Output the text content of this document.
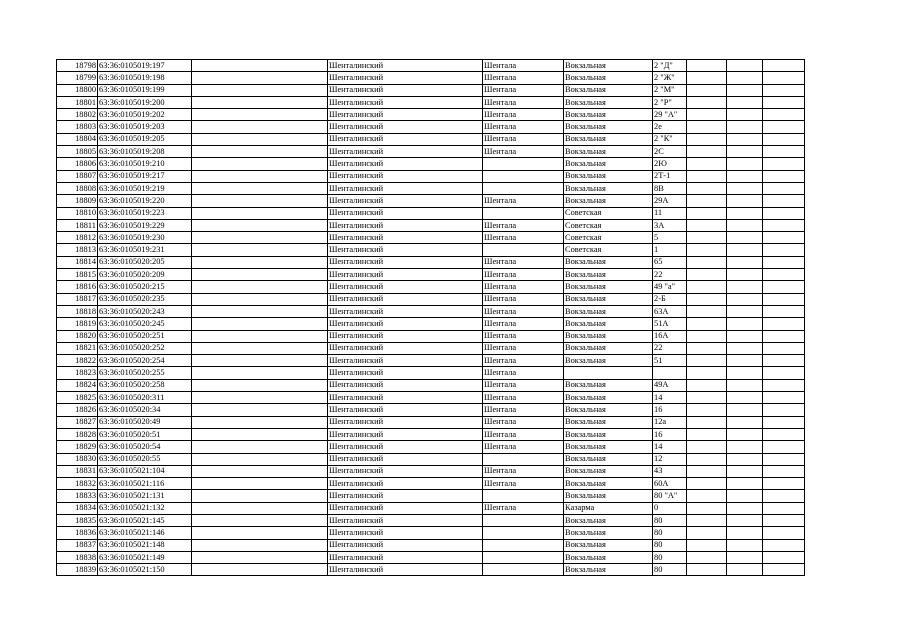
18798	63:36:0105019:197		Шенталинский	Шентала	Вокзальная	2 "Д"			
18799	63:36:0105019:198		Шенталинский	Шентала	Вокзальная	2 "Ж"			
18800	63:36:0105019:199		Шенталинский	Шентала	Вокзальная	2 "М"			
18801	63:36:0105019:200		Шенталинский	Шентала	Вокзальная	2 "Р"			
18802	63:36:0105019:202		Шенталинский	Шентала	Вокзальная	29 "А"			
18803	63:36:0105019:203		Шенталинский	Шентала	Вокзальная	2е			
18804	63:36:0105019:205		Шенталинский	Шентала	Вокзальная	2 "К"			
18805	63:36:0105019:208		Шенталинский	Шентала	Вокзальная	2С			
18806	63:36:0105019:210		Шенталинский		Вокзальная	2Ю			
18807	63:36:0105019:217		Шенталинский		Вокзальная	2Т-1			
18808	63:36:0105019:219		Шенталинский		Вокзальная	8В			
18809	63:36:0105019:220		Шенталинский	Шентала	Вокзальная	29А			
18810	63:36:0105019:223		Шенталинский		Советская	11			
18811	63:36:0105019:229		Шенталинский	Шентала	Советская	3А			
18812	63:36:0105019:230		Шенталинский	Шентала	Советская	5			
18813	63:36:0105019:231		Шенталинский		Советская	1			
18814	63:36:0105020:205		Шенталинский	Шентала	Вокзальная	65			
18815	63:36:0105020:209		Шенталинский	Шентала	Вокзальная	22			
18816	63:36:0105020:215		Шенталинский	Шентала	Вокзальная	49 "а"			
18817	63:36:0105020:235		Шенталинский	Шентала	Вокзальная	2-Б			
18818	63:36:0105020:243		Шенталинский	Шентала	Вокзальная	63А			
18819	63:36:0105020:245		Шенталинский	Шентала	Вокзальная	51А			
18820	63:36:0105020:251		Шенталинский	Шентала	Вокзальная	16А			
18821	63:36:0105020:252		Шенталинский	Шентала	Вокзальная	22			
18822	63:36:0105020:254		Шенталинский	Шентала	Вокзальная	51			
18823	63:36:0105020:255		Шенталинский	Шентала					
18824	63:36:0105020:258		Шенталинский	Шентала	Вокзальная	49А			
18825	63:36:0105020:311		Шенталинский	Шентала	Вокзальная	14			
18826	63:36:0105020:34		Шенталинский	Шентала	Вокзальная	16			
18827	63:36:0105020:49		Шенталинский	Шентала	Вокзальная	12а			
18828	63:36:0105020:51		Шенталинский	Шентала	Вокзальная	16			
18829	63:36:0105020:54		Шенталинский	Шентала	Вокзальная	14			
18830	63:36:0105020:55		Шенталинский		Вокзальная	12			
18831	63:36:0105021:104		Шенталинский	Шентала	Вокзальная	43			
18832	63:36:0105021:116		Шенталинский	Шентала	Вокзальная	60А			
18833	63:36:0105021:131		Шенталинский		Вокзальная	80 "А"			
18834	63:36:0105021:132		Шенталинский	Шентала	Казарма	0			
18835	63:36:0105021:145		Шенталинский		Вокзальная	80			
18836	63:36:0105021:146		Шенталинский		Вокзальная	80			
18837	63:36:0105021:148		Шенталинский		Вокзальная	80			
18838	63:36:0105021:149		Шенталинский		Вокзальная	80			
18839	63:36:0105021:150		Шенталинский		Вокзальная	80			
